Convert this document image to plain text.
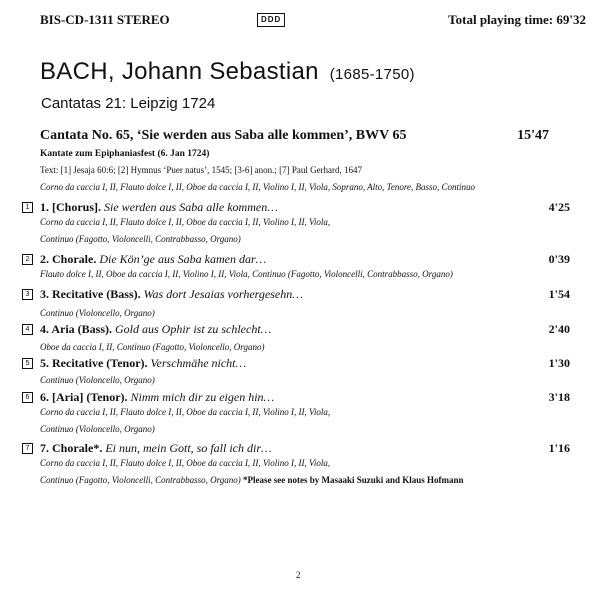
BIS-CD-1311 STEREO	DDD	Total playing time: 69'32
BACH, Johann Sebastian (1685-1750)
Cantatas 21: Leipzig 1724
Cantata No. 65, ‘Sie werden aus Saba alle kommen’, BWV 65	15'47
Kantate zum Epiphaniasfest (6. Jan 1724)
Text: [1] Jesaja 60:6; [2] Hymnus ‘Puer natus’, 1545; [3-6] anon.; [7] Paul Gerhard, 1647
Corno da caccia I, II, Flauto dolce I, II, Oboe da caccia I, II, Violino I, II, Viola, Soprano, Alto, Tenore, Basso, Continuo
1 1. [Chorus]. Sie werden aus Saba alle kommen…	4'25
Corno da caccia I, II, Flauto dolce I, II, Oboe da caccia I, II, Violino I, II, Viola,
Continuo (Fagotto, Violoncelli, Contrabbasso, Organo)
2 2. Chorale. Die Kön’ge aus Saba kamen dar…	0'39
Flauto dolce I, II, Oboe da caccia I, II, Violino I, II, Viola, Continuo (Fagotto, Violoncelli, Contrabbasso, Organo)
3 3. Recitative (Bass). Was dort Jesaias vorhergesehn…	1'54
Continuo (Violoncello, Organo)
4 4. Aria (Bass). Gold aus Ophir ist zu schlecht…	2'40
Oboe da caccia I, II, Continuo (Fagotto, Violoncello, Organo)
5 5. Recitative (Tenor). Verschmähe nicht…	1'30
Continuo (Violoncello, Organo)
6 6. [Aria] (Tenor). Nimm mich dir zu eigen hin…	3'18
Corno da caccia I, II, Flauto dolce I, II, Oboe da caccia I, II, Violino I, II, Viola,
Continuo (Violoncello, Organo)
7 7. Chorale*. Ei nun, mein Gott, so fall ich dir…	1'16
Corno da caccia I, II, Flauto dolce I, II, Oboe da caccia I, II, Violino I, II, Viola,
Continuo (Fagotto, Violoncelli, Contrabbasso, Organo) *Please see notes by Masaaki Suzuki and Klaus Hofmann
2
